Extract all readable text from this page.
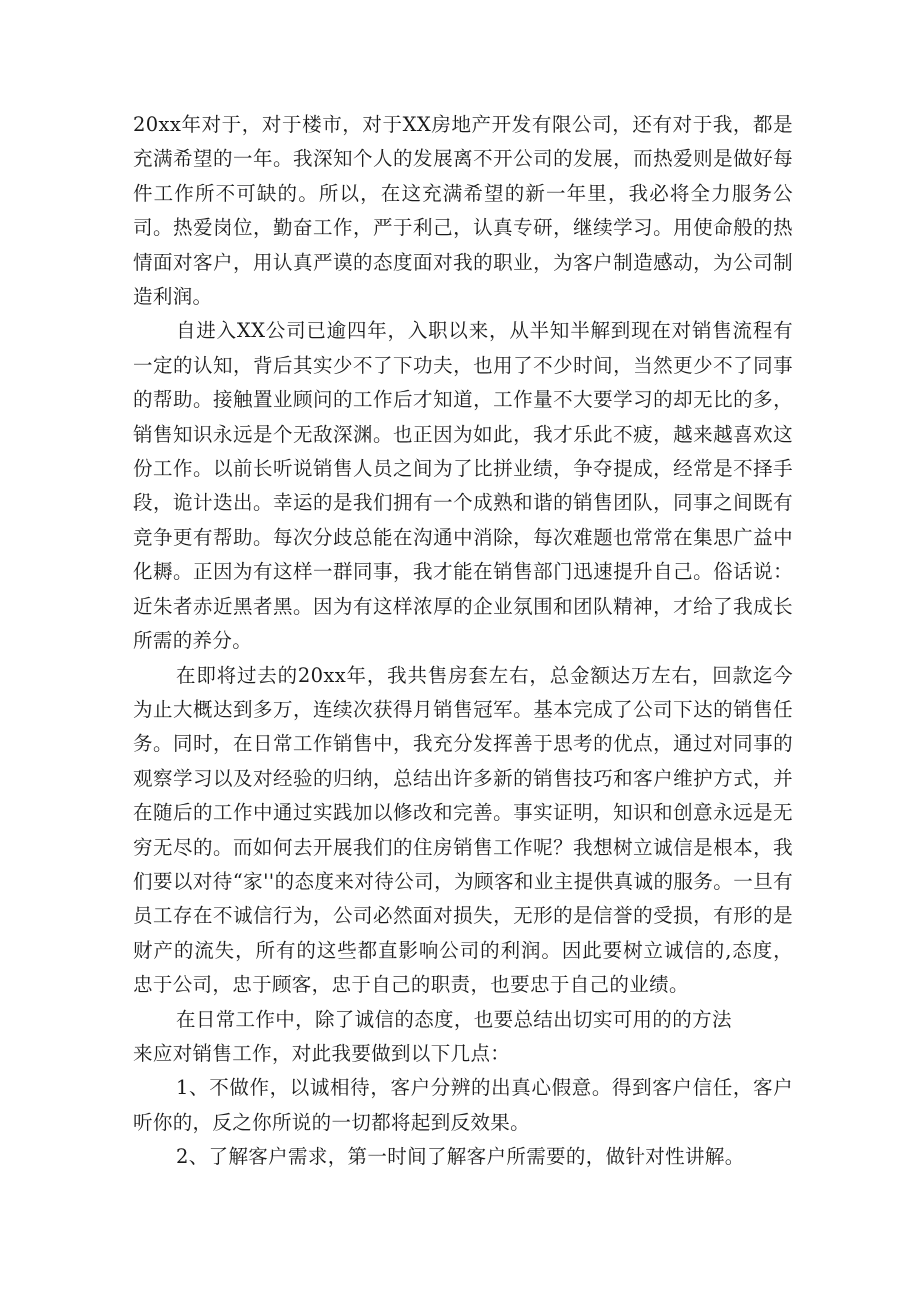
20xx年对于，对于楼市，对于XX房地产开发有限公司，还有对于我，都是充满希望的一年。我深知个人的发展离不开公司的发展，而热爱则是做好每件工作所不可缺的。所以，在这充满希望的新一年里，我必将全力服务公司。热爱岗位，勤奋工作，严于利己，认真专研，继续学习。用使命般的热情面对客户，用认真严谟的态度面对我的职业，为客户制造感动，为公司制造利润。

自进入XX公司已逾四年，入职以来，从半知半解到现在对销售流程有一定的认知，背后其实少不了下功夫，也用了不少时间，当然更少不了同事的帮助。接触置业顾问的工作后才知道，工作量不大要学习的却无比的多，销售知识永远是个无敌深渊。也正因为如此，我才乐此不疲，越来越喜欢这份工作。以前长听说销售人员之间为了比拼业绩，争夺提成，经常是不择手段，诡计迭出。幸运的是我们拥有一个成熟和谐的销售团队，同事之间既有竞争更有帮助。每次分歧总能在沟通中消除，每次难题也常常在集思广益中化耨。正因为有这样一群同事，我才能在销售部门迅速提升自己。俗话说：近朱者赤近黑者黑。因为有这样浓厚的企业氛围和团队精神，才给了我成长所需的养分。

在即将过去的20xx年，我共售房套左右，总金额达万左右，回款迄今为止大概达到多万，连续次获得月销售冠军。基本完成了公司下达的销售任务。同时，在日常工作销售中，我充分发挥善于思考的优点，通过对同事的观察学习以及对经验的归纳，总结出许多新的销售技巧和客户维护方式，并在随后的工作中通过实践加以修改和完善。事实证明，知识和创意永远是无穷无尽的。而如何去开展我们的住房销售工作呢？我想树立诚信是根本，我们要以对待“家''的态度来对待公司，为顾客和业主提供真诚的服务。一旦有员工存在不诚信行为，公司必然面对损失，无形的是信誉的受损，有形的是财产的流失，所有的这些都直影响公司的利润。因此要树立诚信的,态度，忠于公司，忠于顾客，忠于自己的职责，也要忠于自己的业绩。

在日常工作中，除了诚信的态度，也要总结出切实可用的的方法

来应对销售工作，对此我要做到以下几点：

1、不做作，以诚相待，客户分辨的出真心假意。得到客户信任，客户听你的，反之你所说的一切都将起到反效果。

2、了解客户需求，第一时间了解客户所需要的，做针对性讲解。
